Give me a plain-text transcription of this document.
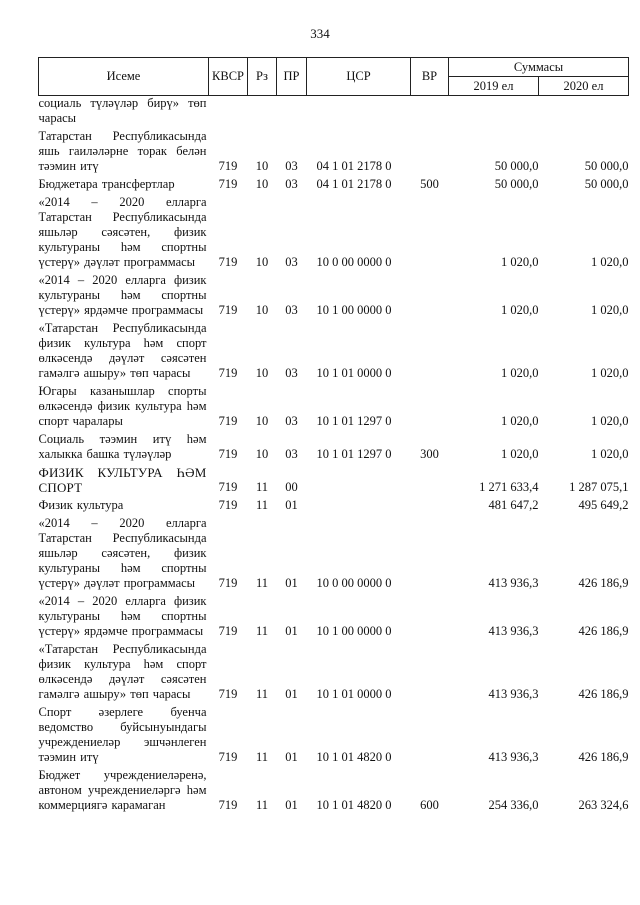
334
Исеме	КВСР	Рз	ПР	ЦСР	ВР	Суммасы	
						2019 ел	2020 ел
социаль түләүләр бирү» төп чарасы							
Татарстан Республикасында яшь гаиләләрне торак белән тәэмин итү	719	10	03	04 1 01 2178 0		50 000,0	50 000,0
Бюджетара трансфертлар	719	10	03	04 1 01 2178 0	500	50 000,0	50 000,0
«2014 – 2020 елларга Татарстан Республикасында яшьләр сәясәтен, физик культураны һәм спортны үстерү» дәүләт программасы	719	10	03	10 0 00 0000 0		1 020,0	1 020,0
«2014 – 2020 елларга физик культураны һәм спортны үстерү» ярдәмче программасы	719	10	03	10 1 00 0000 0		1 020,0	1 020,0
«Татарстан Республикасында физик культура һәм спорт өлкәсендә дәүләт сәясәтен гамәлгә ашыру» төп чарасы	719	10	03	10 1 01 0000 0		1 020,0	1 020,0
Югары казанышлар спорты өлкәсендә физик культура һәм спорт чаралары	719	10	03	10 1 01 1297 0		1 020,0	1 020,0
Социаль тәэмин итү һәм халыкка башка түләүләр	719	10	03	10 1 01 1297 0	300	1 020,0	1 020,0
ФИЗИК КУЛЬТУРА ҺӘМ СПОРТ	719	11	00			1 271 633,4	1 287 075,1
Физик культура	719	11	01			481 647,2	495 649,2
«2014 – 2020 елларга Татарстан Республикасында яшьләр сәясәтен, физик культураны һәм спортны үстерү» дәүләт программасы	719	11	01	10 0 00 0000 0		413 936,3	426 186,9
«2014 – 2020 елларга физик культураны һәм спортны үстерү» ярдәмче программасы	719	11	01	10 1 00 0000 0		413 936,3	426 186,9
«Татарстан Республикасында физик культура һәм спорт өлкәсендә дәүләт сәясәтен гамәлгә ашыру» төп чарасы	719	11	01	10 1 01 0000 0		413 936,3	426 186,9
Спорт әзерлеге буенча ведомство буйсынуындагы учреждениеләр эшчәнлеген тәэмин итү	719	11	01	10 1 01 4820 0		413 936,3	426 186,9
Бюджет учреждениеләренә, автоном учреждениеләргә һәм коммерциягә карамаган	719	11	01	10 1 01 4820 0	600	254 336,0	263 324,6
